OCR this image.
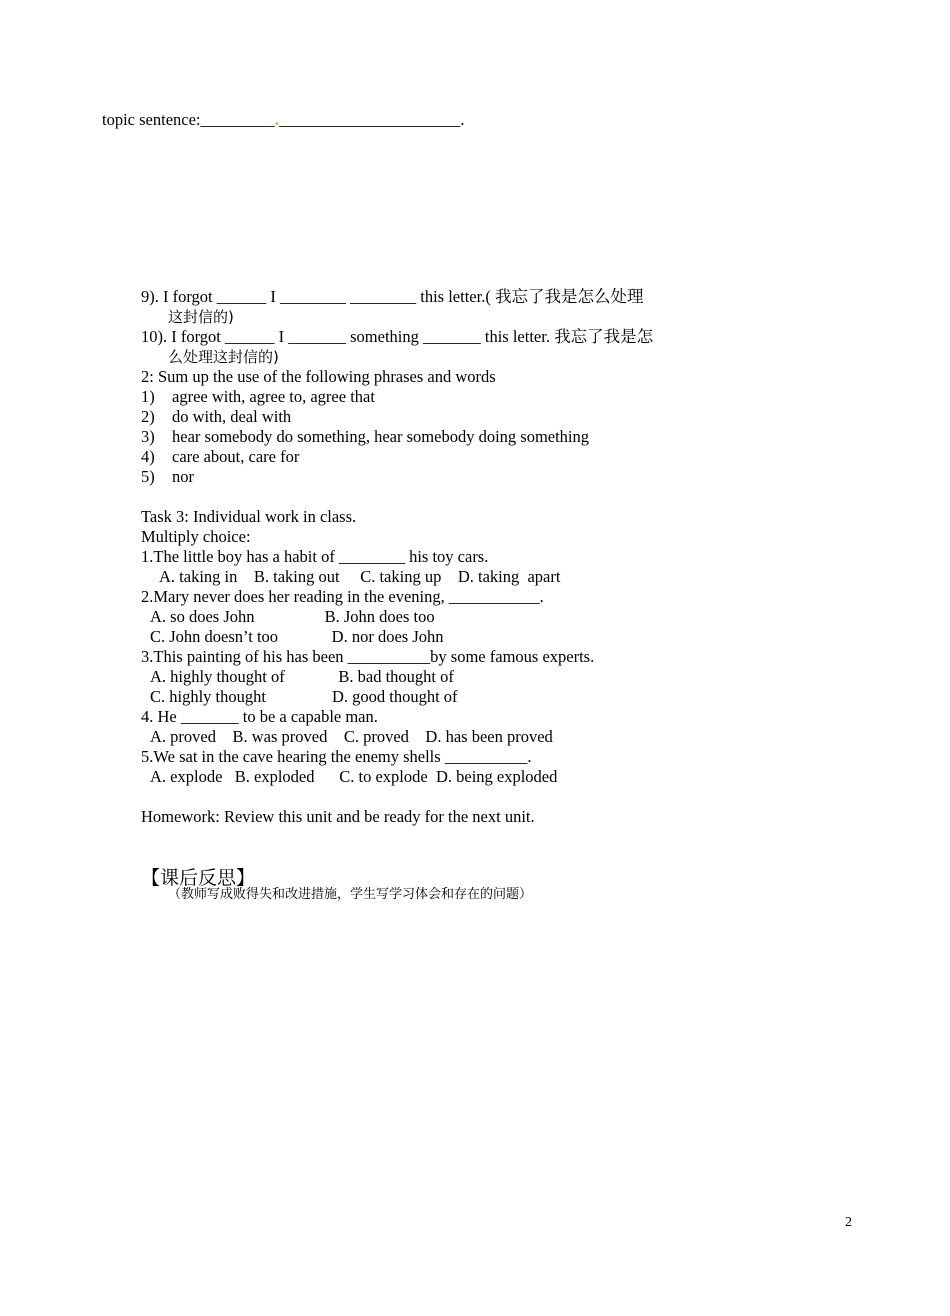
topic sentence:_________.______________________.
9). I forgot ______ I ________ ________ this letter.( 我忘了我是怎么处理
这封信的)
10). I forgot ______ I _______ something _______ this letter. 我忘了我是怎
么处理这封信的)
2: Sum up the use of the following phrases and words
1) agree with, agree to, agree that
2) do with, deal with
3) hear somebody do something, hear somebody doing something
4) care about, care for
5) nor
Task 3: Individual work in class.
Multiply choice:
1.The little boy has a habit of ________ his toy cars.
A. taking in    B. taking out     C. taking up    D. taking  apart
2.Mary never does her reading in the evening, ___________.
A. so does John                 B. John does too
C. John doesn’t too             D. nor does John
3.This painting of his has been __________by some famous experts.
A. highly thought of             B. bad thought of
C. highly thought                D. good thought of
4. He _______ to be a capable man.
A. proved    B. was proved    C. proved    D. has been proved
5.We sat in the cave hearing the enemy shells __________.
A. explode   B. exploded      C. to explode  D. being exploded
Homework: Review this unit and be ready for the next unit.
【课后反思】
（教师写成败得失和改进措施，学生写学习体会和存在的问题）
2
